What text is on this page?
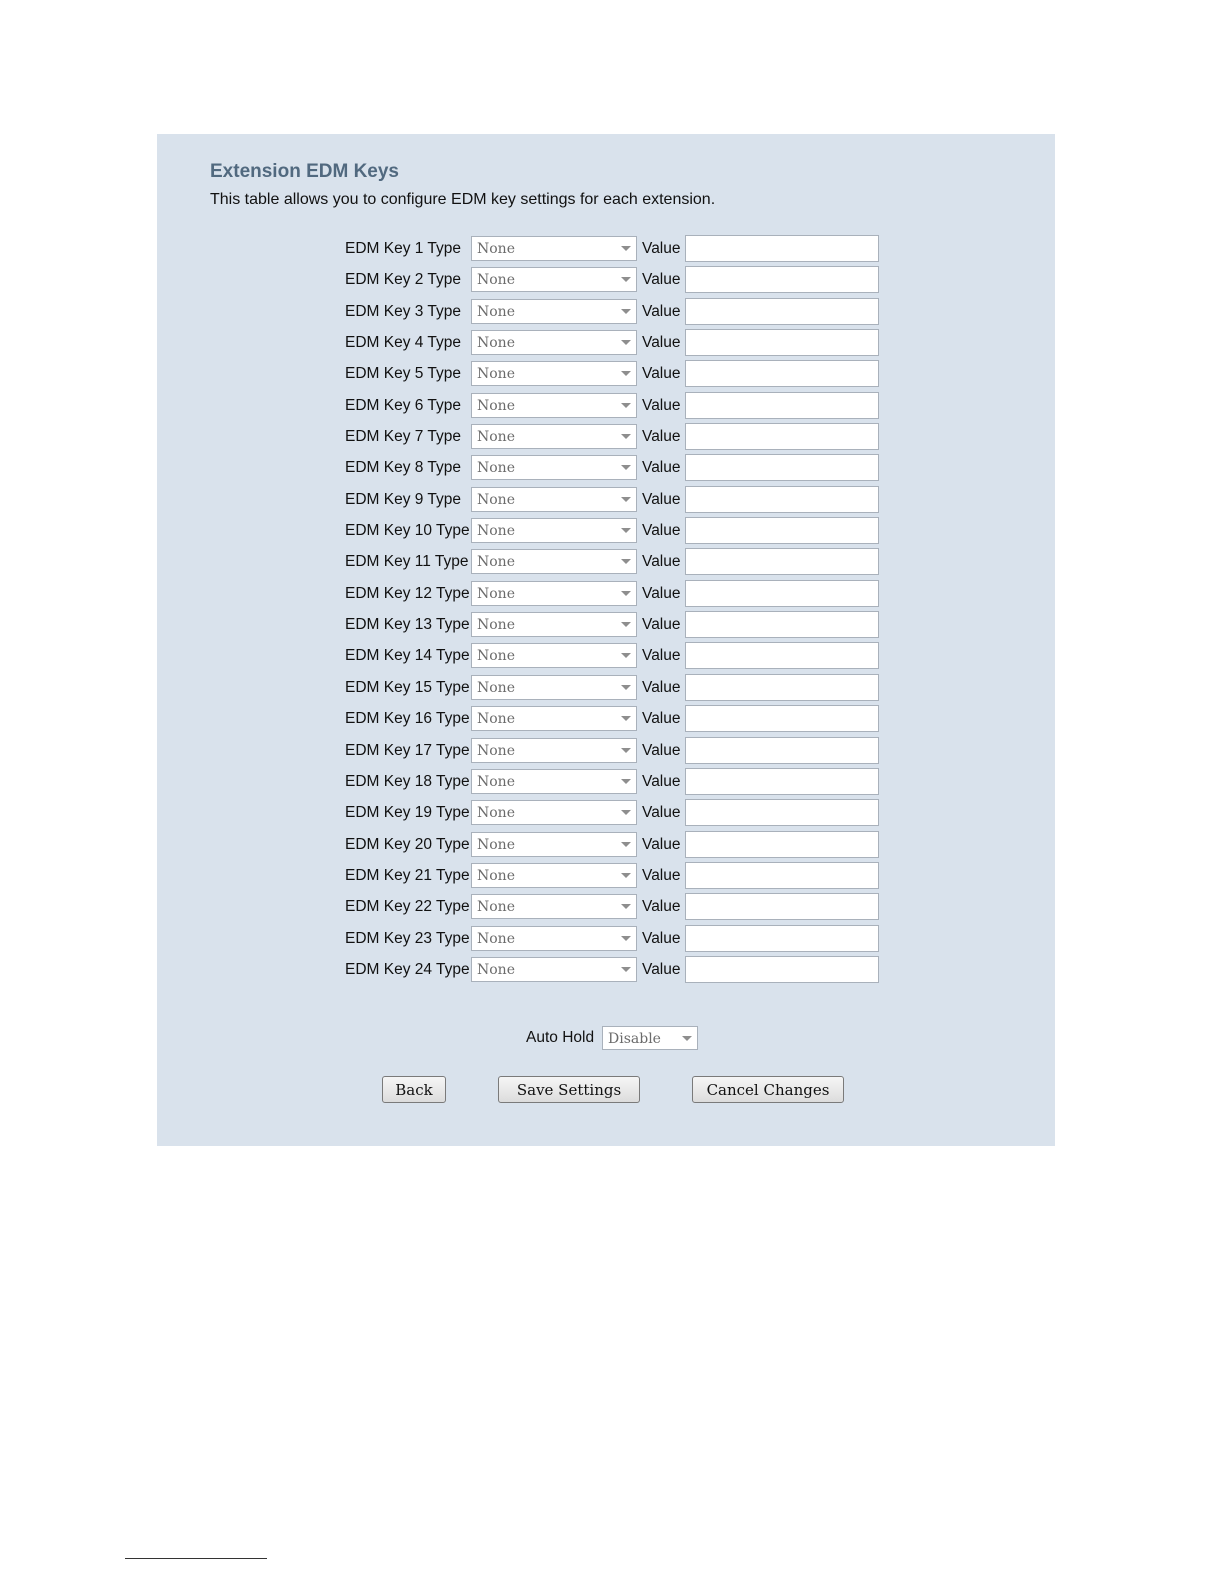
Extension EDM Keys

This table allows you to configure EDM key settings for each extension.

EDM Key 1 Type None	Value
EDM Key 2 Type None	Value
EDM Key 3 Type None	Value
EDM Key 4 Type None	Value
EDM Key 5 Type None	Value
EDM Key 6 Type None	Value
EDM Key 7 Type None	Value
EDM Key 8 Type None	Value
EDM Key 9 Type None	Value
EDM Key 10 Type None	Value
EDM Key 11 Type None	Value
EDM Key 12 Type None	Value
EDM Key 13 Type None	Value
EDM Key 14 Type None	Value
EDM Key 15 Type None	Value
EDM Key 16 Type None	Value
EDM Key 17 Type None	Value
EDM Key 18 Type None	Value
EDM Key 19 Type None	Value
EDM Key 20 Type None	Value
EDM Key 21 Type None	Value
EDM Key 22 Type None	Value
EDM Key 23 Type None	Value
EDM Key 24 Type None	Value
Auto Hold Disable
Back	Save Settings	Cancel Changes
